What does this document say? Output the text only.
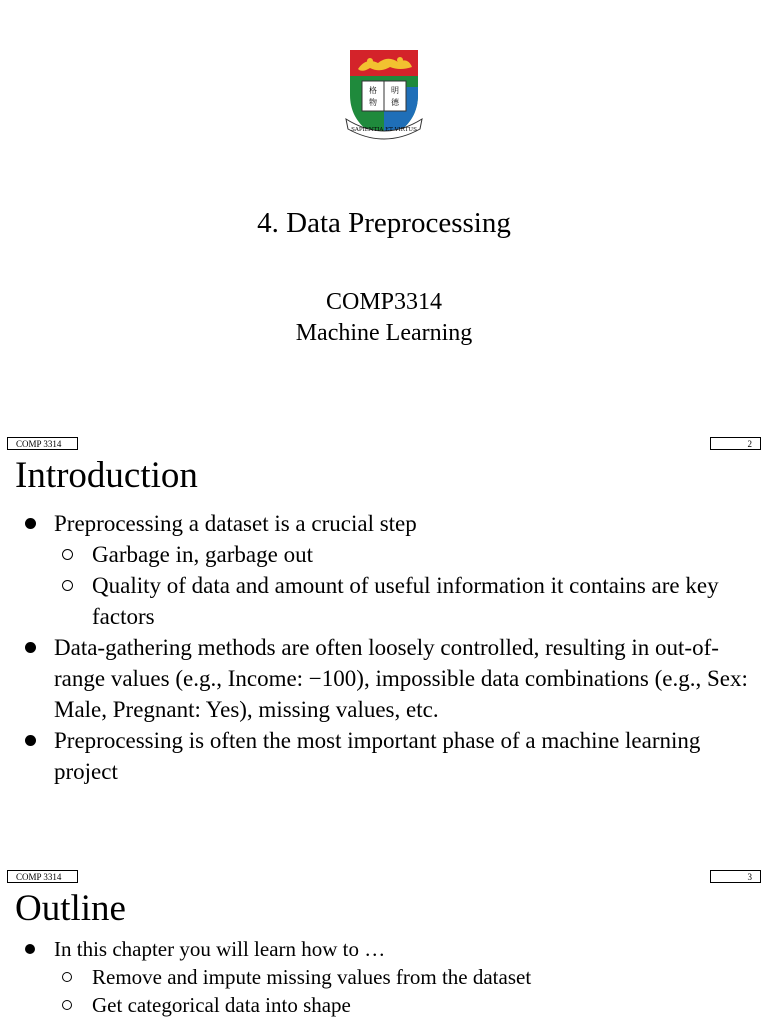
格 明
物 德
SAPIENTIA ET VIRTUS
4. Data Preprocessing
COMP3314
Machine Learning
COMP 3314	2
Introduction
Preprocessing a dataset is a crucial step
Garbage in, garbage out
Quality of data and amount of useful information it contains are key factors
Data-gathering methods are often loosely controlled, resulting in out-of-range values (e.g., Income: −100), impossible data combinations (e.g., Sex: Male, Pregnant: Yes), missing values, etc.
Preprocessing is often the most important phase of a machine learning project
COMP 3314	3
Outline
In this chapter you will learn how to …
Remove and impute missing values from the dataset
Get categorical data into shape
